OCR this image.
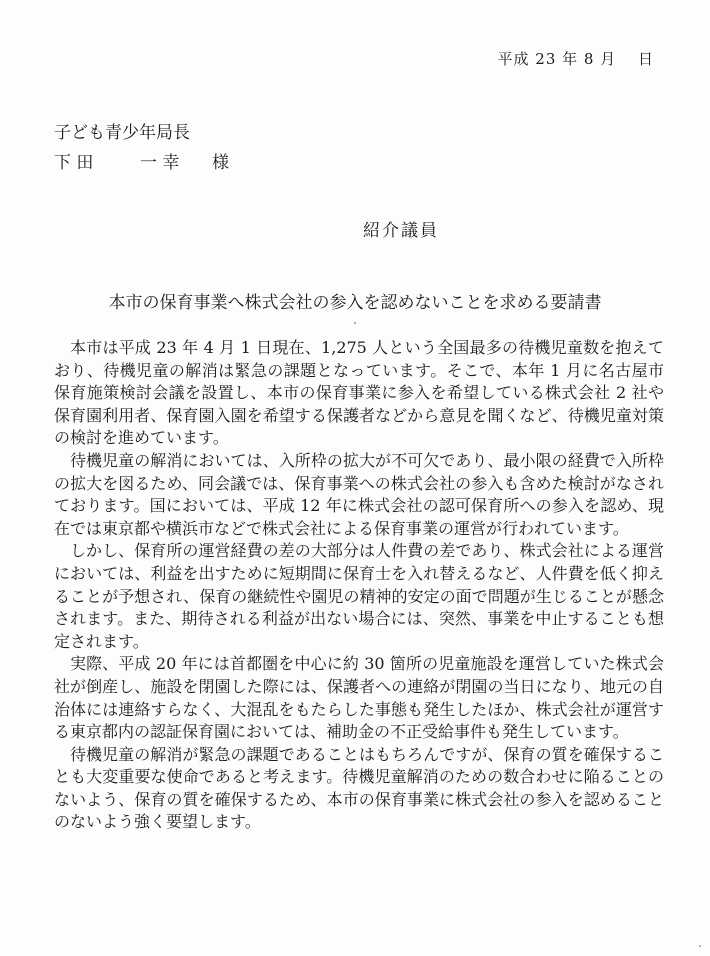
平成 23 年 8 月　 日
子ども青少年局長
下 田	一 幸 様
紹介議員
本市の保育事業へ株式会社の参入を認めないことを求める要請書

本市は平成 23 年 4 月 1 日現在、1,275 人という全国最多の待機児童数を抱えており、待機児童の解消は緊急の課題となっています。そこで、本年 1 月に名古屋市保育施策検討会議を設置し、本市の保育事業に参入を希望している株式会社 2 社や保育園利用者、保育園入園を希望する保護者などから意見を聞くなど、待機児童対策の検討を進めています。

待機児童の解消においては、入所枠の拡大が不可欠であり、最小限の経費で入所枠の拡大を図るため、同会議では、保育事業への株式会社の参入も含めた検討がなされております。国においては、平成 12 年に株式会社の認可保育所への参入を認め、現在では東京都や横浜市などで株式会社による保育事業の運営が行われています。

しかし、保育所の運営経費の差の大部分は人件費の差であり、株式会社による運営においては、利益を出すために短期間に保育士を入れ替えるなど、人件費を低く抑えることが予想され、保育の継続性や園児の精神的安定の面で問題が生じることが懸念されます。また、期待される利益が出ない場合には、突然、事業を中止することも想定されます。

実際、平成 20 年には首都圏を中心に約 30 箇所の児童施設を運営していた株式会社が倒産し、施設を閉園した際には、保護者への連絡が閉園の当日になり、地元の自治体には連絡すらなく、大混乱をもたらした事態も発生したほか、株式会社が運営する東京都内の認証保育園においては、補助金の不正受給事件も発生しています。

待機児童の解消が緊急の課題であることはもちろんですが、保育の質を確保することも大変重要な使命であると考えます。待機児童解消のための数合わせに陥ることのないよう、保育の質を確保するため、本市の保育事業に株式会社の参入を認めることのないよう強く要望します。
